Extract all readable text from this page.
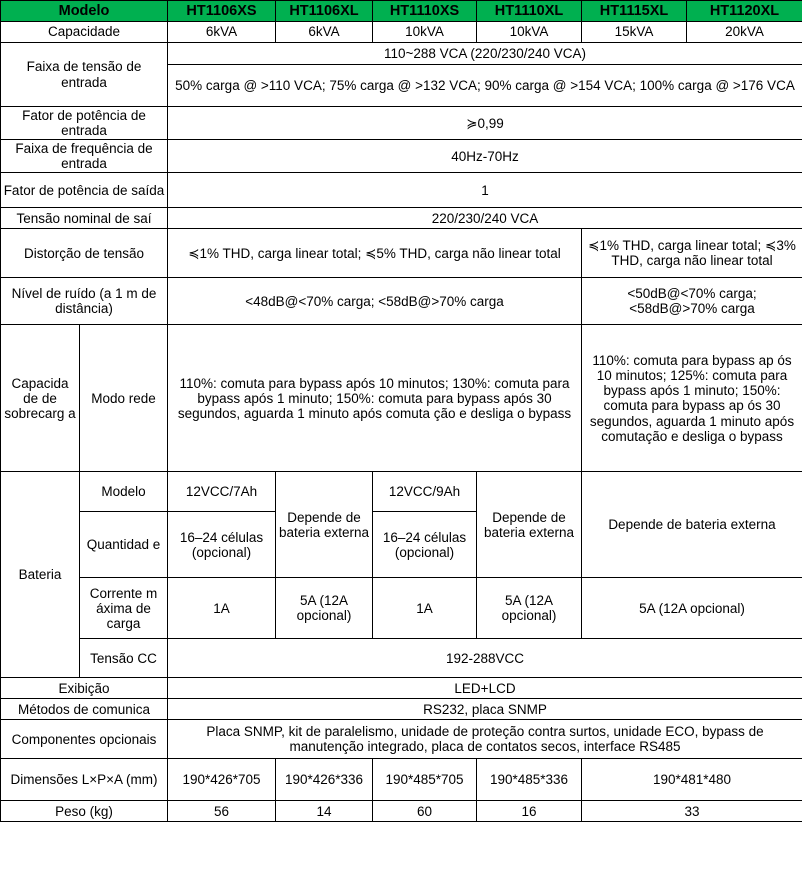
Modelo		HT1106XS	HT1106XL	HT1110XS	HT1110XL	HT1115XL	HT1120XL
Capacidade		6kVA	6kVA	10kVA	10kVA	15kVA	20kVA
Faixa de tensão de entrada		110~288 VCA (220/230/240 VCA)					
		50% carga @ >110 VCA; 75% carga @ >132 VCA; 90% carga @ >154 VCA; 100% carga @ >176 VCA					
Fator de potência de entrada		≽0,99					
Faixa de frequência de entrada		40Hz-70Hz					
Fator de potência de saída		1					
Tensão nominal de saí		220/230/240 VCA					
Distorção de tensão		≼1% THD, carga linear total; ≼5% THD, carga não linear total				≼1% THD, carga linear total; ≼3% THD, carga não linear total	
Nível de ruído (a 1 m de distância)		<48dB@<70% carga; <58dB@>70% carga				<50dB@<70% carga; <58dB@>70% carga	
Capacida de de sobrecarg a	Modo rede	110%: comuta para bypass após 10 minutos; 130%: comuta para bypass após 1 minuto; 150%: comuta para bypass após 30 segundos, aguarda 1 minuto após comuta ção e desliga o bypass				110%: comuta para bypass ap ós 10 minutos; 125%: comuta para bypass após 1 minuto; 150%: comuta para bypass ap ós 30 segundos, aguarda 1 minuto após comutação e desliga o bypass	
Bateria	Modelo	12VCC/7Ah	Depende de bateria externa	12VCC/9Ah	Depende de bateria externa	Depende de bateria externa	
	Quantidad e	16–24 células (opcional)		16–24 células (opcional)			
	Corrente m áxima de carga	1A	5A (12A opcional)	1A	5A (12A opcional)	5A (12A opcional)	
	Tensão CC	192-288VCC					
Exibição		LED+LCD					
Métodos de comunica		RS232, placa SNMP					
Componentes opcionais		Placa SNMP, kit de paralelismo, unidade de proteção contra surtos, unidade ECO, bypass de manutenção integrado, placa de contatos secos, interface RS485					
Dimensões L×P×A (mm)		190*426*705	190*426*336	190*485*705	190*485*336	190*481*480	
Peso (kg)		56	14	60	16	33	
